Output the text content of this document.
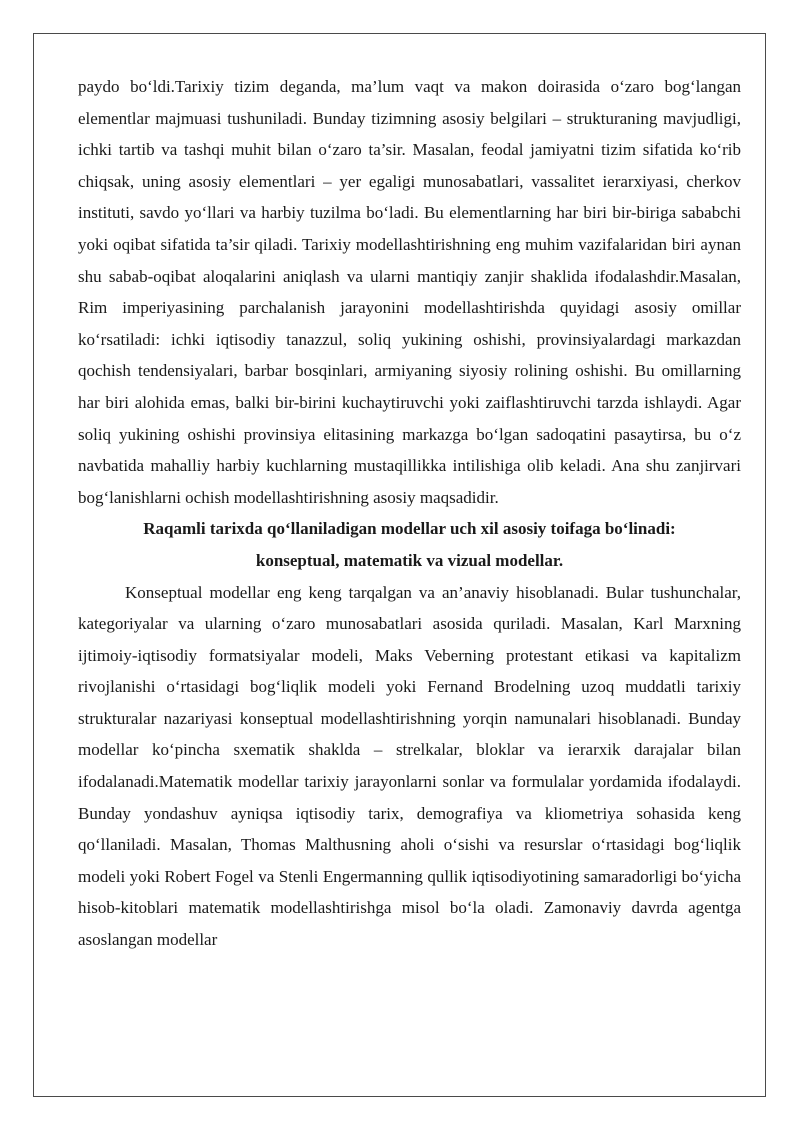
paydo bo‘ldi.Tarixiy tizim deganda, ma’lum vaqt va makon doirasida o‘zaro bog‘langan elementlar majmuasi tushuniladi. Bunday tizimning asosiy belgilari – strukturaning mavjudligi, ichki tartib va tashqi muhit bilan o‘zaro ta’sir. Masalan, feodal jamiyatni tizim sifatida ko‘rib chiqsak, uning asosiy elementlari – yer egaligi munosabatlari, vassalitet ierarxiyasi, cherkov instituti, savdo yo‘llari va harbiy tuzilma bo‘ladi. Bu elementlarning har biri bir-biriga sababchi yoki oqibat sifatida ta’sir qiladi. Tarixiy modellashtirishning eng muhim vazifalaridan biri aynan shu sabab-oqibat aloqalarini aniqlash va ularni mantiqiy zanjir shaklida ifodalashdir.Masalan, Rim imperiyasining parchalanish jarayonini modellashtirishda quyidagi asosiy omillar ko‘rsatiladi: ichki iqtisodiy tanazzul, soliq yukining oshishi, provinsiyalardagi markazdan qochish tendensiyalari, barbar bosqinlari, armiyaning siyosiy rolining oshishi. Bu omillarning har biri alohida emas, balki bir-birini kuchaytiruvchi yoki zaiflashtiruvchi tarzda ishlaydi. Agar soliq yukining oshishi provinsiya elitasining markazga bo‘lgan sadoqatini pasaytirsa, bu o‘z navbatida mahalliy harbiy kuchlarning mustaqillikka intilishiga olib keladi. Ana shu zanjirvari bog‘lanishlarni ochish modellashtirishning asosiy maqsadidir.

Raqamli tarixda qo‘llaniladigan modellar uch xil asosiy toifaga bo‘linadi:

konseptual, matematik va vizual modellar.

Konseptual modellar eng keng tarqalgan va an’anaviy hisoblanadi. Bular tushunchalar, kategoriyalar va ularning o‘zaro munosabatlari asosida quriladi. Masalan, Karl Marxning ijtimoiy-iqtisodiy formatsiyalar modeli, Maks Veberning protestant etikasi va kapitalizm rivojlanishi o‘rtasidagi bog‘liqlik modeli yoki Fernand Brodelning uzoq muddatli tarixiy strukturalar nazariyasi konseptual modellashtirishning yorqin namunalari hisoblanadi. Bunday modellar ko‘pincha sxematik shaklda – strelkalar, bloklar va ierarxik darajalar bilan ifodalanadi.Matematik modellar tarixiy jarayonlarni sonlar va formulalar yordamida ifodalaydi. Bunday yondashuv ayniqsa iqtisodiy tarix, demografiya va kliometriya sohasida keng qo‘llaniladi. Masalan, Thomas Malthusning aholi o‘sishi va resurslar o‘rtasidagi bog‘liqlik modeli yoki Robert Fogel va Stenli Engermanning qullik iqtisodiyotining samaradorligi bo‘yicha hisob-kitoblari matematik modellashtirishga misol bo‘la oladi. Zamonaviy davrda agentga asoslangan modellar
